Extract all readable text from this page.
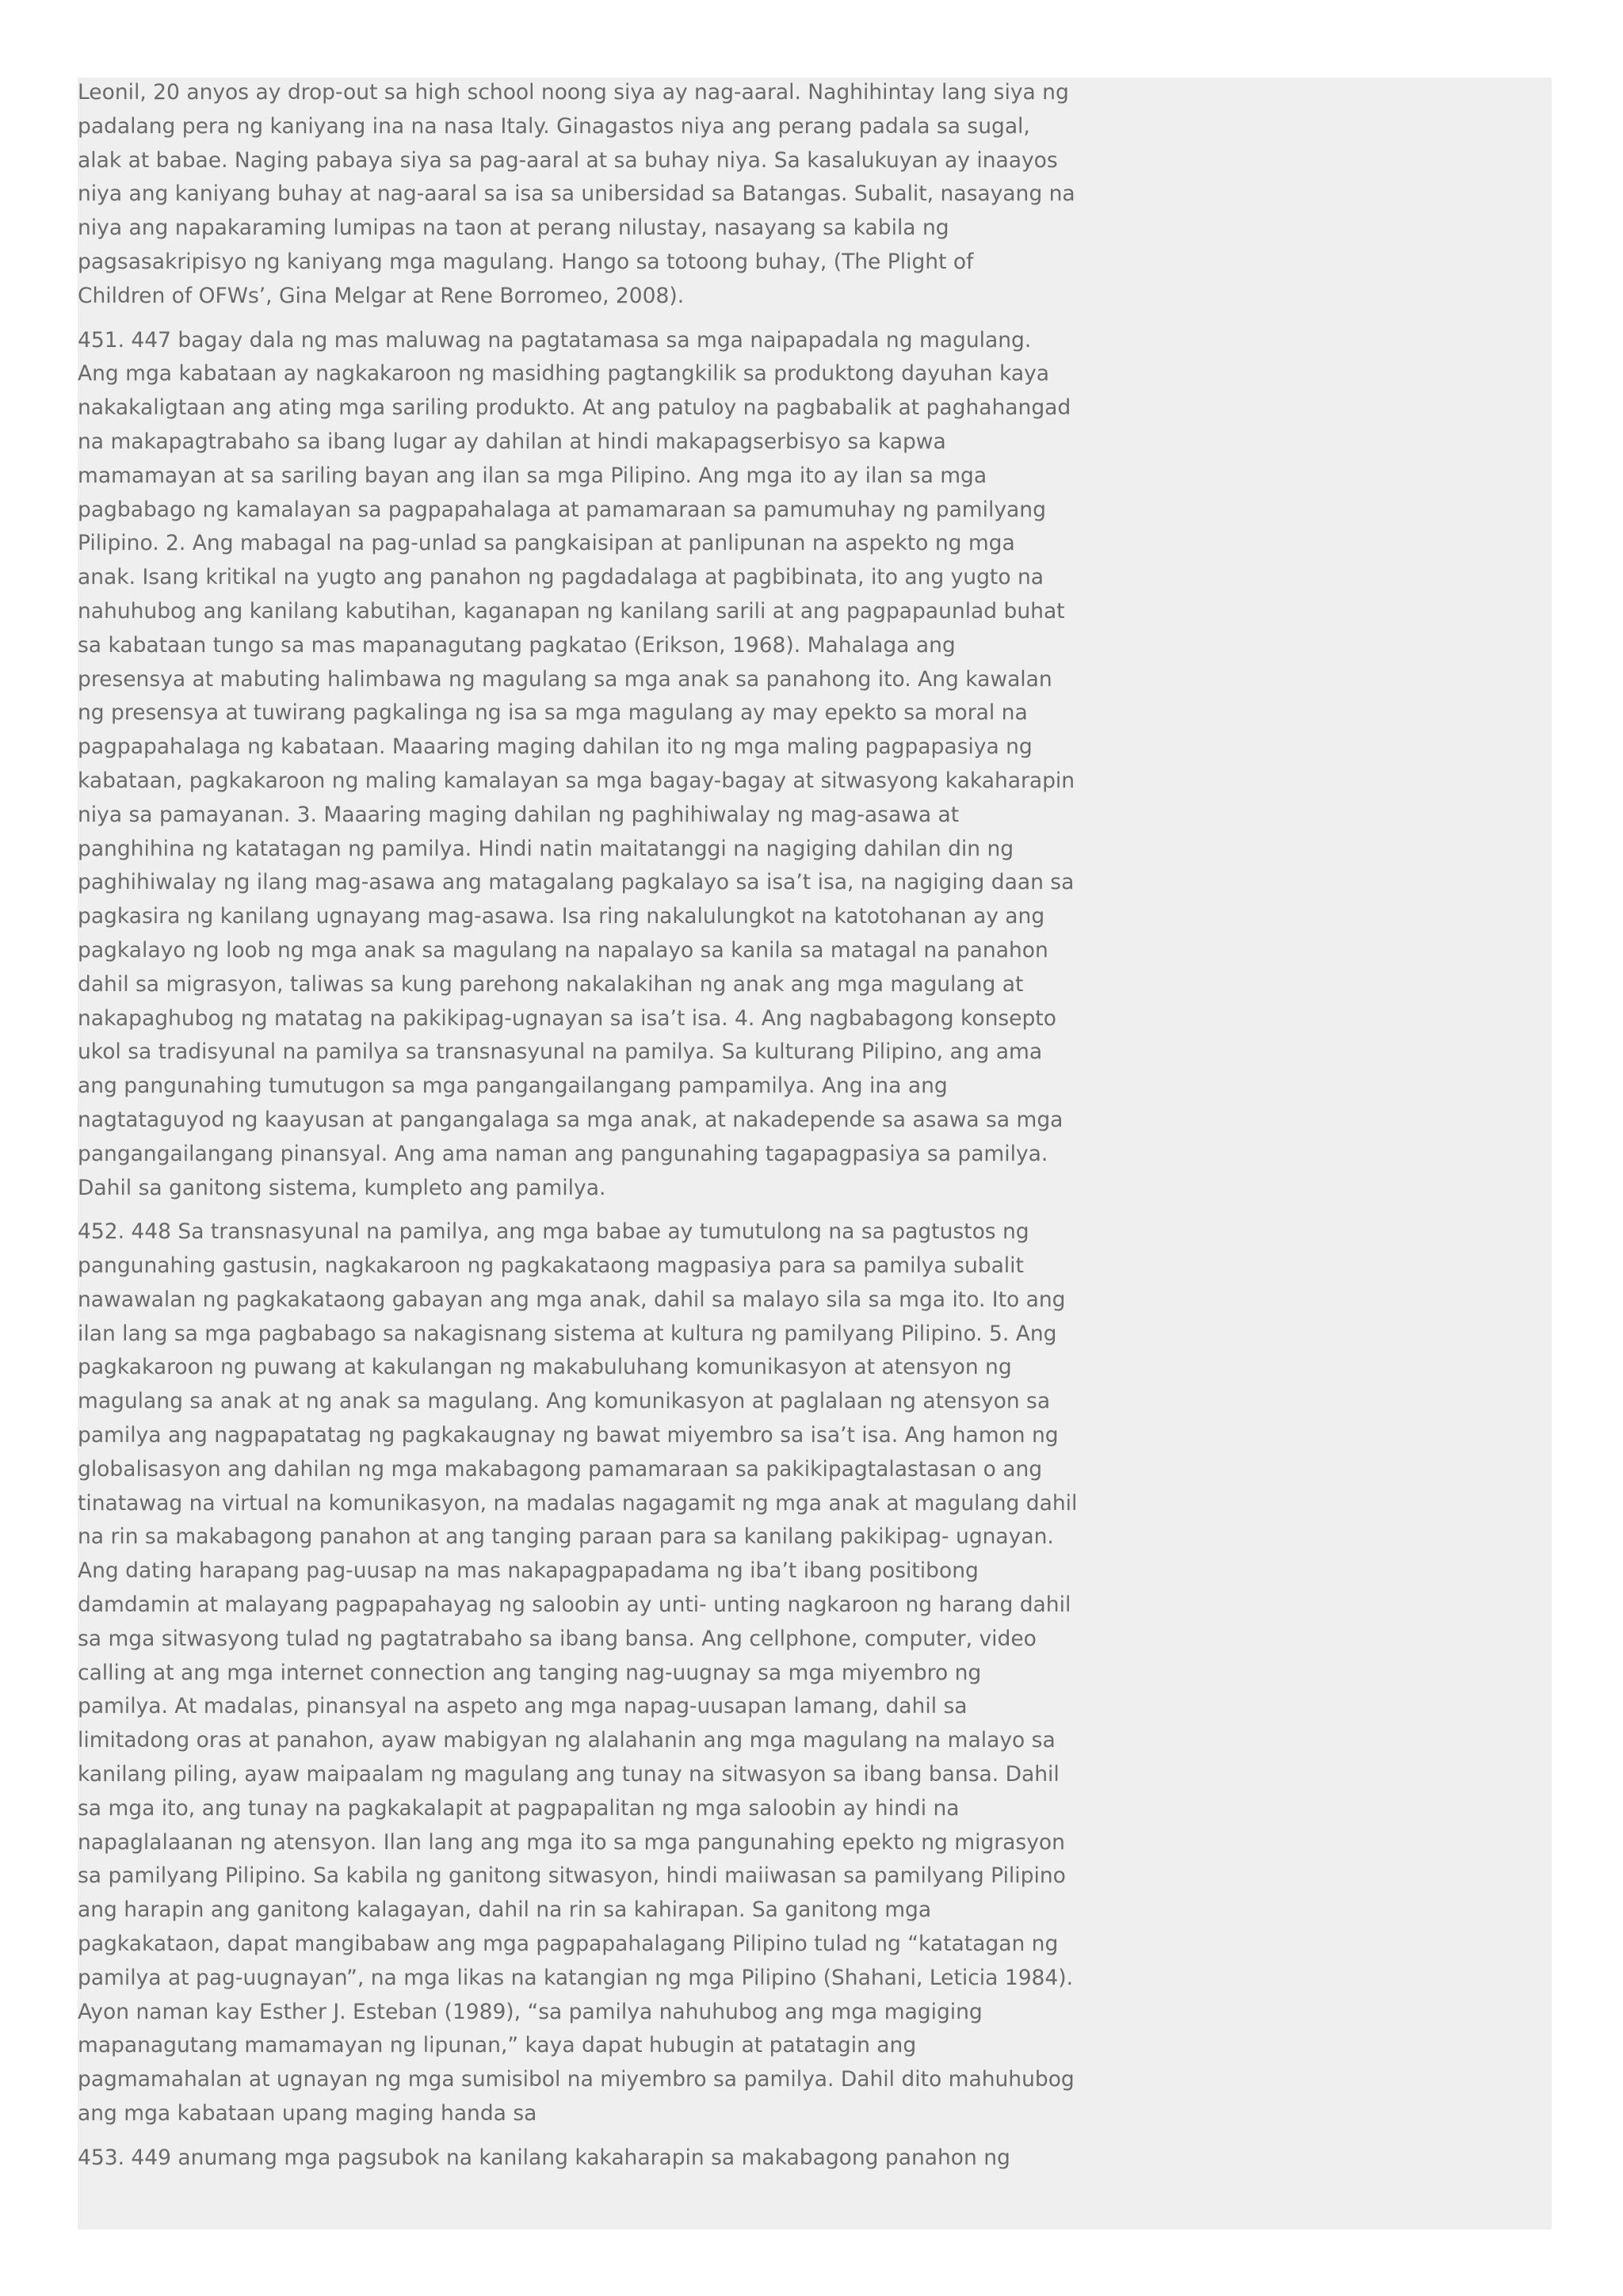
Leonil, 20 anyos ay drop-out sa high school noong siya ay nag-aaral. Naghihintay lang siya ng
padalang pera ng kaniyang ina na nasa Italy. Ginagastos niya ang perang padala sa sugal,
alak at babae. Naging pabaya siya sa pag-aaral at sa buhay niya. Sa kasalukuyan ay inaayos
niya ang kaniyang buhay at nag-aaral sa isa sa unibersidad sa Batangas. Subalit, nasayang na
niya ang napakaraming lumipas na taon at perang nilustay, nasayang sa kabila ng
pagsasakripisyo ng kaniyang mga magulang. Hango sa totoong buhay, (The Plight of
Children of OFWs’, Gina Melgar at Rene Borromeo, 2008).
451. 447 bagay dala ng mas maluwag na pagtatamasa sa mga naipapadala ng magulang.
Ang mga kabataan ay nagkakaroon ng masidhing pagtangkilik sa produktong dayuhan kaya
nakakaligtaan ang ating mga sariling produkto. At ang patuloy na pagbabalik at paghahangad
na makapagtrabaho sa ibang lugar ay dahilan at hindi makapagserbisyo sa kapwa
mamamayan at sa sariling bayan ang ilan sa mga Pilipino. Ang mga ito ay ilan sa mga
pagbabago ng kamalayan sa pagpapahalaga at pamamaraan sa pamumuhay ng pamilyang
Pilipino. 2. Ang mabagal na pag-unlad sa pangkaisipan at panlipunan na aspekto ng mga
anak. Isang kritikal na yugto ang panahon ng pagdadalaga at pagbibinata, ito ang yugto na
nahuhubog ang kanilang kabutihan, kaganapan ng kanilang sarili at ang pagpapaunlad buhat
sa kabataan tungo sa mas mapanagutang pagkatao (Erikson, 1968). Mahalaga ang
presensya at mabuting halimbawa ng magulang sa mga anak sa panahong ito. Ang kawalan
ng presensya at tuwirang pagkalinga ng isa sa mga magulang ay may epekto sa moral na
pagpapahalaga ng kabataan. Maaaring maging dahilan ito ng mga maling pagpapasiya ng
kabataan, pagkakaroon ng maling kamalayan sa mga bagay-bagay at sitwasyong kakaharapin
niya sa pamayanan. 3. Maaaring maging dahilan ng paghihiwalay ng mag-asawa at
panghihina ng katatagan ng pamilya. Hindi natin maitatanggi na nagiging dahilan din ng
paghihiwalay ng ilang mag-asawa ang matagalang pagkalayo sa isa’t isa, na nagiging daan sa
pagkasira ng kanilang ugnayang mag-asawa. Isa ring nakalulungkot na katotohanan ay ang
pagkalayo ng loob ng mga anak sa magulang na napalayo sa kanila sa matagal na panahon
dahil sa migrasyon, taliwas sa kung parehong nakalakihan ng anak ang mga magulang at
nakapaghubog ng matatag na pakikipag-ugnayan sa isa’t isa. 4. Ang nagbabagong konsepto
ukol sa tradisyunal na pamilya sa transnasyunal na pamilya. Sa kulturang Pilipino, ang ama
ang pangunahing tumutugon sa mga pangangailangang pampamilya. Ang ina ang
nagtataguyod ng kaayusan at pangangalaga sa mga anak, at nakadepende sa asawa sa mga
pangangailangang pinansyal. Ang ama naman ang pangunahing tagapagpasiya sa pamilya.
Dahil sa ganitong sistema, kumpleto ang pamilya.
452. 448 Sa transnasyunal na pamilya, ang mga babae ay tumutulong na sa pagtustos ng
pangunahing gastusin, nagkakaroon ng pagkakataong magpasiya para sa pamilya subalit
nawawalan ng pagkakataong gabayan ang mga anak, dahil sa malayo sila sa mga ito. Ito ang
ilan lang sa mga pagbabago sa nakagisnang sistema at kultura ng pamilyang Pilipino. 5. Ang
pagkakaroon ng puwang at kakulangan ng makabuluhang komunikasyon at atensyon ng
magulang sa anak at ng anak sa magulang. Ang komunikasyon at paglalaan ng atensyon sa
pamilya ang nagpapatatag ng pagkakaugnay ng bawat miyembro sa isa’t isa. Ang hamon ng
globalisasyon ang dahilan ng mga makabagong pamamaraan sa pakikipagtalastasan o ang
tinatawag na virtual na komunikasyon, na madalas nagagamit ng mga anak at magulang dahil
na rin sa makabagong panahon at ang tanging paraan para sa kanilang pakikipag- ugnayan.
Ang dating harapang pag-uusap na mas nakapagpapadama ng iba’t ibang positibong
damdamin at malayang pagpapahayag ng saloobin ay unti- unting nagkaroon ng harang dahil
sa mga sitwasyong tulad ng pagtatrabaho sa ibang bansa. Ang cellphone, computer, video
calling at ang mga internet connection ang tanging nag-uugnay sa mga miyembro ng
pamilya. At madalas, pinansyal na aspeto ang mga napag-uusapan lamang, dahil sa
limitadong oras at panahon, ayaw mabigyan ng alalahanin ang mga magulang na malayo sa
kanilang piling, ayaw maipaalam ng magulang ang tunay na sitwasyon sa ibang bansa. Dahil
sa mga ito, ang tunay na pagkakalapit at pagpapalitan ng mga saloobin ay hindi na
napaglalaanan ng atensyon. Ilan lang ang mga ito sa mga pangunahing epekto ng migrasyon
sa pamilyang Pilipino. Sa kabila ng ganitong sitwasyon, hindi maiiwasan sa pamilyang Pilipino
ang harapin ang ganitong kalagayan, dahil na rin sa kahirapan. Sa ganitong mga
pagkakataon, dapat mangibabaw ang mga pagpapahalagang Pilipino tulad ng “katatagan ng
pamilya at pag-uugnayan”, na mga likas na katangian ng mga Pilipino (Shahani, Leticia 1984).
Ayon naman kay Esther J. Esteban (1989), “sa pamilya nahuhubog ang mga magiging
mapanagutang mamamayan ng lipunan,” kaya dapat hubugin at patatagin ang
pagmamahalan at ugnayan ng mga sumisibol na miyembro sa pamilya. Dahil dito mahuhubog
ang mga kabataan upang maging handa sa
453. 449 anumang mga pagsubok na kanilang kakaharapin sa makabagong panahon ng
